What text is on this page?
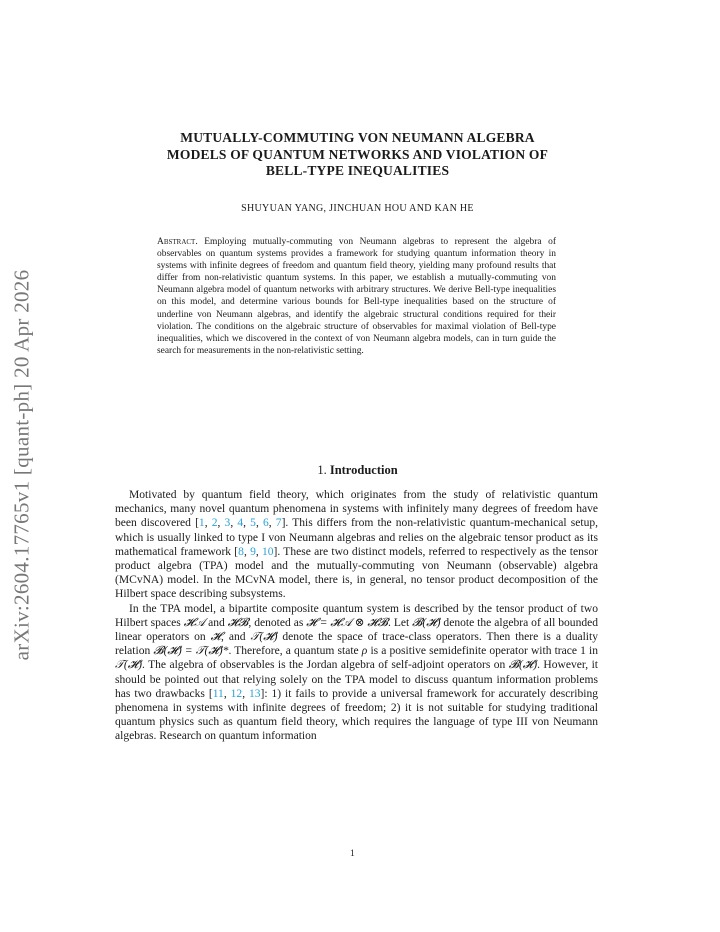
arXiv:2604.17765v1 [quant-ph] 20 Apr 2026
MUTUALLY-COMMUTING VON NEUMANN ALGEBRA
MODELS OF QUANTUM NETWORKS AND VIOLATION OF
BELL-TYPE INEQUALITIES
SHUYUAN YANG, JINCHUAN HOU AND KAN HE
Abstract. Employing mutually-commuting von Neumann algebras to represent the algebra of observables on quantum systems provides a framework for studying quantum information theory in systems with infinite degrees of freedom and quantum field theory, yielding many profound results that differ from non-relativistic quantum systems. In this paper, we establish a mutually-commuting von Neumann algebra model of quantum networks with arbitrary structures. We derive Bell-type inequalities on this model, and determine various bounds for Bell-type inequalities based on the structure of underline von Neumann algebras, and identify the algebraic structural conditions required for their violation. The conditions on the algebraic structure of observables for maximal violation of Bell-type inequalities, which we discovered in the context of von Neumann algebra models, can in turn guide the search for measurements in the non-relativistic setting.
1. Introduction

Motivated by quantum field theory, which originates from the study of relativistic quantum mechanics, many novel quantum phenomena in systems with infinitely many degrees of freedom have been discovered [1, 2, 3, 4, 5, 6, 7]. This differs from the non-relativistic quantum-mechanical setup, which is usually linked to type I von Neumann algebras and relies on the algebraic tensor product as its mathematical framework [8, 9, 10]. These are two distinct models, referred to respectively as the tensor product algebra (TPA) model and the mutually-commuting von Neumann (observable) algebra (MCvNA) model. In the MCvNA model, there is, in general, no tensor product decomposition of the Hilbert space describing subsystems.

In the TPA model, a bipartite composite quantum system is described by the tensor product of two Hilbert spaces 𝓗𝒜 and 𝓗𝓑, denoted as 𝓗 = 𝓗𝒜 ⊗ 𝓗𝓑. Let 𝓑(𝓗) denote the algebra of all bounded linear operators on 𝓗, and 𝒯(𝓗) denote the space of trace-class operators. Then there is a duality relation 𝓑(𝓗) = 𝒯(𝓗)*. Therefore, a quantum state ρ is a positive semidefinite operator with trace 1 in 𝒯(𝓗). The algebra of observables is the Jordan algebra of self-adjoint operators on 𝓑(𝓗). However, it should be pointed out that relying solely on the TPA model to discuss quantum information problems has two drawbacks [11, 12, 13]: 1) it fails to provide a universal framework for accurately describing phenomena in systems with infinite degrees of freedom; 2) it is not suitable for studying traditional quantum physics such as quantum field theory, which requires the language of type III von Neumann algebras. Research on quantum information

1
